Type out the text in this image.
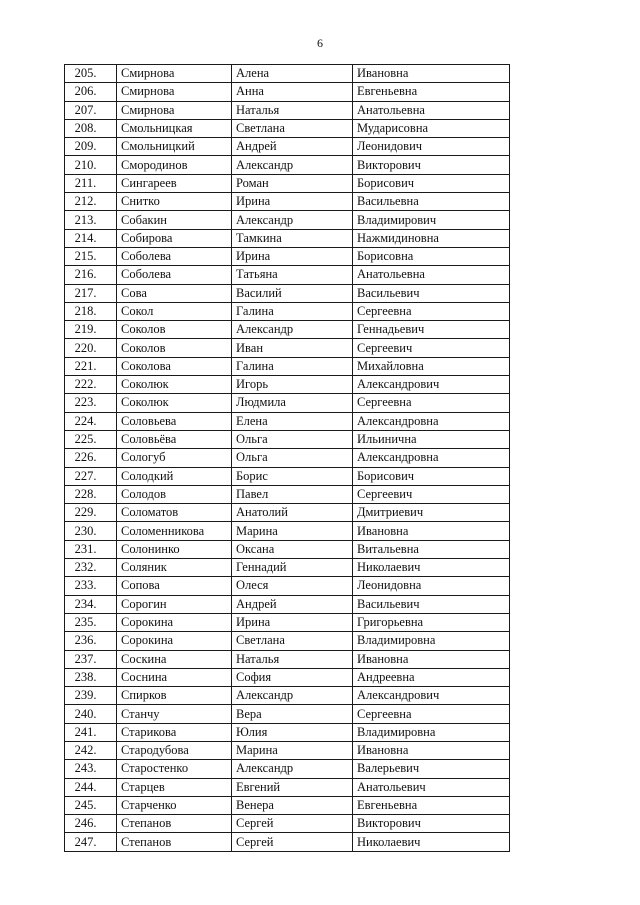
6
205.	Смирнова	Алена	Ивановна
206.	Смирнова	Анна	Евгеньевна
207.	Смирнова	Наталья	Анатольевна
208.	Смольницкая	Светлана	Мударисовна
209.	Смольницкий	Андрей	Леонидович
210.	Смородинов	Александр	Викторович
211.	Сингареев	Роман	Борисович
212.	Снитко	Ирина	Васильевна
213.	Собакин	Александр	Владимирович
214.	Собирова	Тамкина	Нажмидиновна
215.	Соболева	Ирина	Борисовна
216.	Соболева	Татьяна	Анатольевна
217.	Сова	Василий	Васильевич
218.	Сокол	Галина	Сергеевна
219.	Соколов	Александр	Геннадьевич
220.	Соколов	Иван	Сергеевич
221.	Соколова	Галина	Михайловна
222.	Соколюк	Игорь	Александрович
223.	Соколюк	Людмила	Сергеевна
224.	Соловьева	Елена	Александровна
225.	Соловьёва	Ольга	Ильинична
226.	Сологуб	Ольга	Александровна
227.	Солодкий	Борис	Борисович
228.	Солодов	Павел	Сергеевич
229.	Соломатов	Анатолий	Дмитриевич
230.	Соломенникова	Марина	Ивановна
231.	Солонинко	Оксана	Витальевна
232.	Соляник	Геннадий	Николаевич
233.	Сопова	Олеся	Леонидовна
234.	Сорогин	Андрей	Васильевич
235.	Сорокина	Ирина	Григорьевна
236.	Сорокина	Светлана	Владимировна
237.	Соскина	Наталья	Ивановна
238.	Соснина	София	Андреевна
239.	Спирков	Александр	Александрович
240.	Станчу	Вера	Сергеевна
241.	Старикова	Юлия	Владимировна
242.	Стародубова	Марина	Ивановна
243.	Старостенко	Александр	Валерьевич
244.	Старцев	Евгений	Анатольевич
245.	Старченко	Венера	Евгеньевна
246.	Степанов	Сергей	Викторович
247.	Степанов	Сергей	Николаевич
